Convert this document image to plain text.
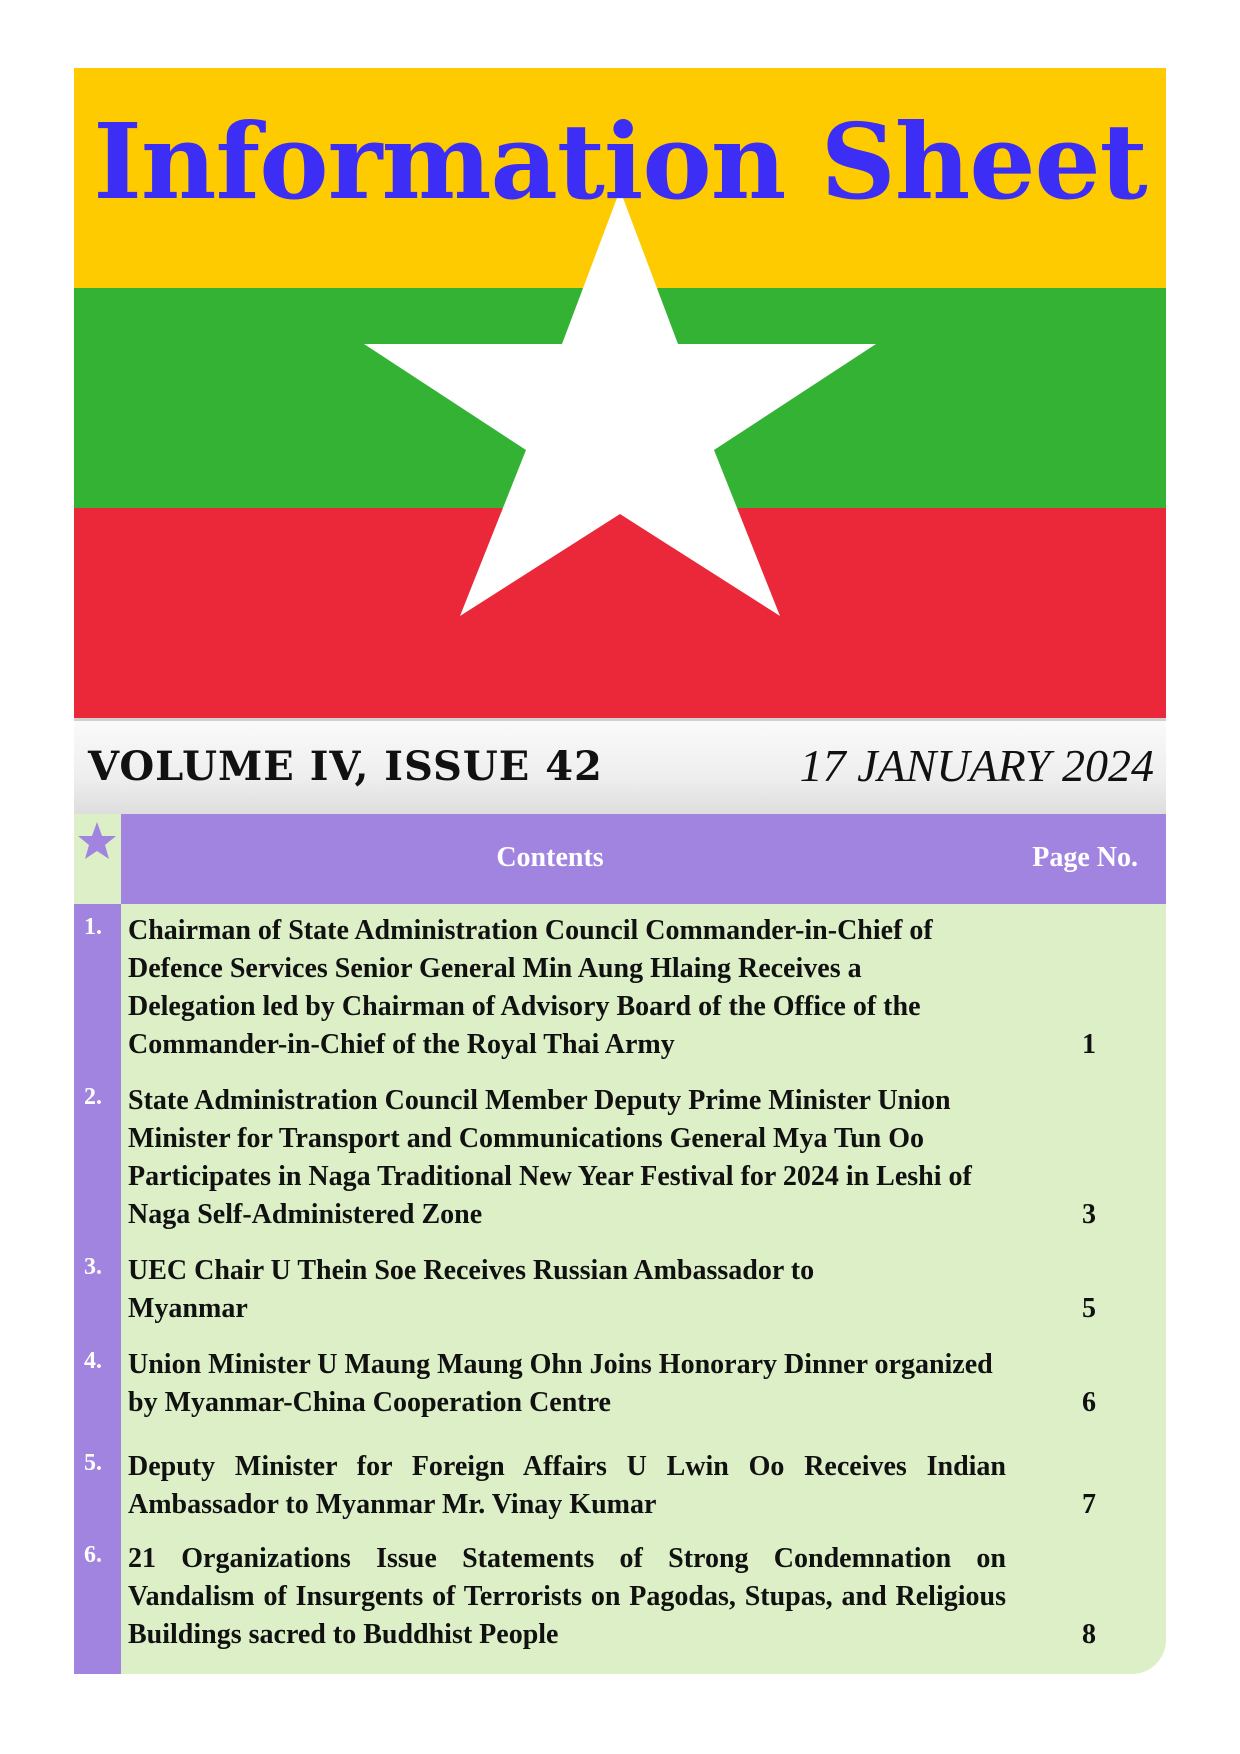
Information Sheet
VOLUME IV, ISSUE 42	17 JANUARY 2024
Contents	Page No.
1. Chairman of State Administration Council Commander-in-Chief of Defence Services Senior General Min Aung Hlaing Receives a Delegation led by Chairman of Advisory Board of the Office of the Commander-in-Chief of the Royal Thai Army	1
2. State Administration Council Member Deputy Prime Minister Union Minister for Transport and Communications General Mya Tun Oo Participates in Naga Traditional New Year Festival for 2024 in Leshi of Naga Self-Administered Zone	3
3. UEC Chair U Thein Soe Receives Russian Ambassador to Myanmar	5
4. Union Minister U Maung Maung Ohn Joins Honorary Dinner organized by Myanmar-China Cooperation Centre	6
5. Deputy Minister for Foreign Affairs U Lwin Oo Receives Indian Ambassador to Myanmar Mr. Vinay Kumar	7
6. 21 Organizations Issue Statements of Strong Condemnation on Vandalism of Insurgents of Terrorists on Pagodas, Stupas, and Religious Buildings sacred to Buddhist People	8
